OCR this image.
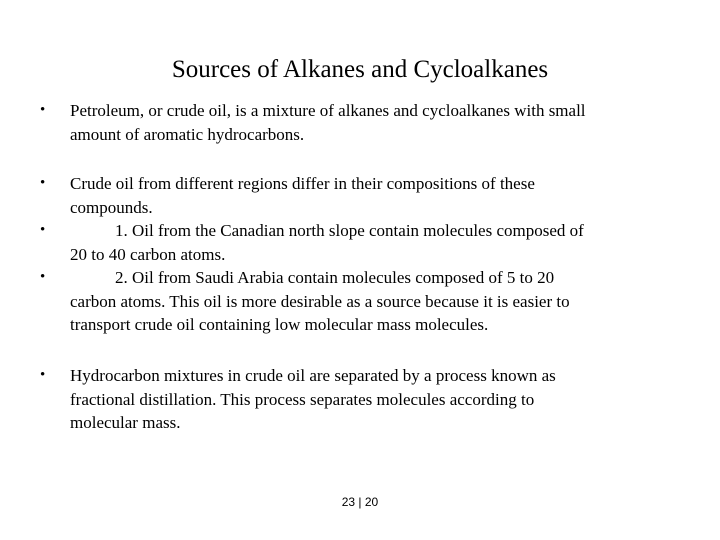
Sources of Alkanes and Cycloalkanes
• Petroleum, or crude oil, is a mixture of alkanes and cycloalkanes with small
amount of aromatic hydrocarbons.
•
•
•
Crude oil from different regions differ in their compositions of these
compounds.
1. Oil from the Canadian north slope contain molecules composed of
20 to 40 carbon atoms.
2. Oil from Saudi Arabia contain molecules composed of 5 to 20
carbon atoms. This oil is more desirable as a source because it is easier to
transport crude oil containing low molecular mass molecules.
• Hydrocarbon mixtures in crude oil are separated by a process known as
fractional distillation. This process separates molecules according to
molecular mass.
23 | 20
